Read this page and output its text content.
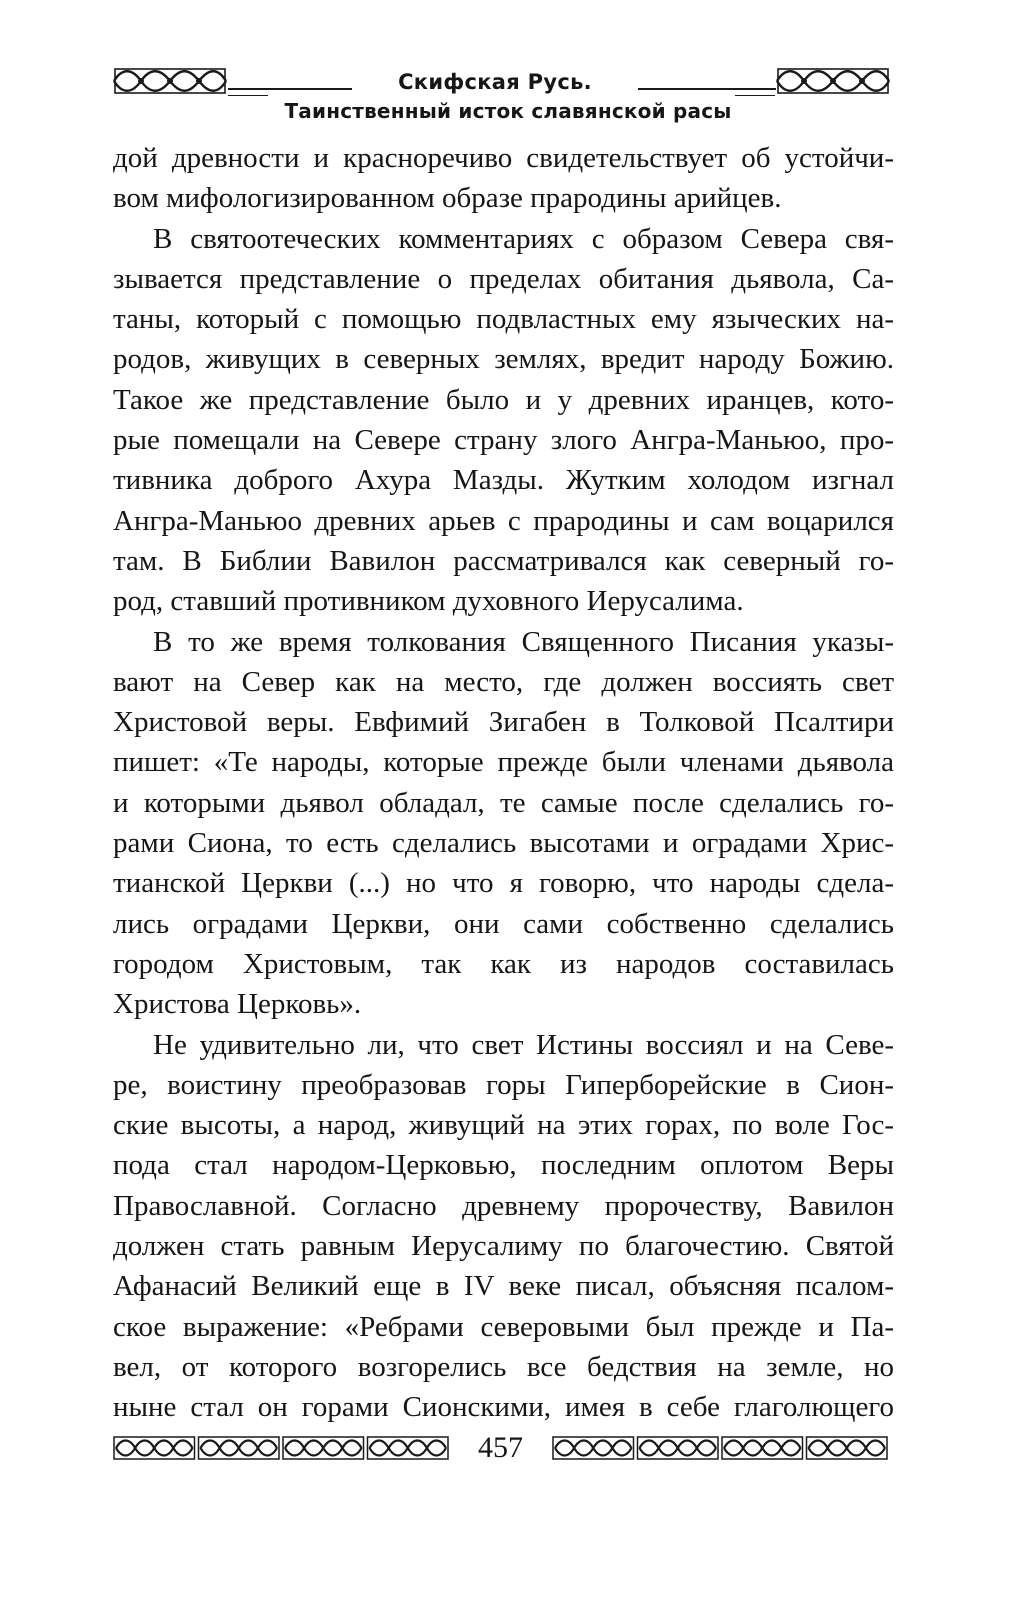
Скифская Русь.
Таинственный исток славянской расы
дой древности и красноречиво свидетельствует об устойчи-
вом мифологизированном образе прародины арийцев.
В святоотеческих комментариях с образом Севера свя-
зывается представление о пределах обитания дьявола, Са-
таны, который с помощью подвластных ему языческих на-
родов, живущих в северных землях, вредит народу Божию.
Такое же представление было и у древних иранцев, кото-
рые помещали на Севере страну злого Ангра-Маньюо, про-
тивника доброго Ахура Мазды. Жутким холодом изгнал
Ангра-Маньюо древних арьев с прародины и сам воцарился
там. В Библии Вавилон рассматривался как северный го-
род, ставший противником духовного Иерусалима.
В то же время толкования Священного Писания указы-
вают на Север как на место, где должен воссиять свет
Христовой веры. Евфимий Зигабен в Толковой Псалтири
пишет: «Те народы, которые прежде были членами дьявола
и которыми дьявол обладал, те самые после сделались го-
рами Сиона, то есть сделались высотами и оградами Хрис-
тианской Церкви (...) но что я говорю, что народы сдела-
лись оградами Церкви, они сами собственно сделались
городом Христовым, так как из народов составилась
Христова Церковь».
Не удивительно ли, что свет Истины воссиял и на Севе-
ре, воистину преобразовав горы Гиперборейские в Сион-
ские высоты, а народ, живущий на этих горах, по воле Гос-
пода стал народом-Церковью, последним оплотом Веры
Православной. Согласно древнему пророчеству, Вавилон
должен стать равным Иерусалиму по благочестию. Святой
Афанасий Великий еще в IV веке писал, объясняя псалом-
ское выражение: «Ребрами северовыми был прежде и Па-
вел, от которого возгорелись все бедствия на земле, но
ныне стал он горами Сионскими, имея в себе глаголющего
457
